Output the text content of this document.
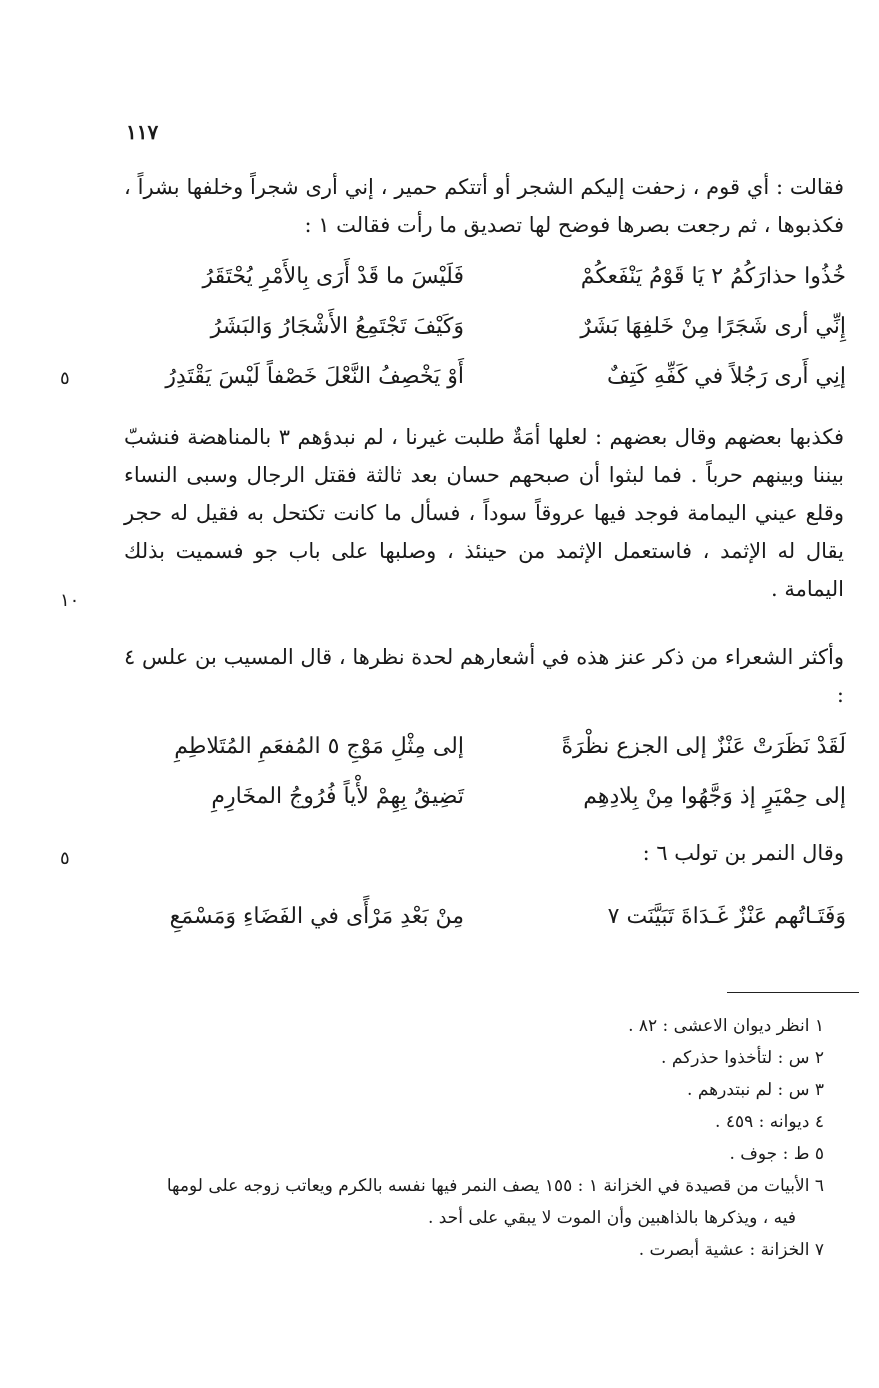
١١٧

فقالت : أي قوم ، زحفت إليكم الشجر أو أتتكم حمير ، إني أرى شجراً وخلفها بشراً ، فكذبوها ، ثم رجعت بصرها فوضح لها تصديق ما رأت فقالت ١ :

خُذُوا حذارَكُمُ ٢ يَا قَوْمُ يَنْفَعكُمْ
فَلَيْسَ ما قَدْ أَرَى بِالأَمْرِ يُحْتَقَرُ
إِنِّي أرى شَجَرًا مِنْ خَلفِهَا بَشَرٌ
وَكَيْفَ تَجْتَمِعُ الأَشْجَارُ وَالبَشَرُ
إنِي أَرى رَجُلاً في كَفِّهِ كَتِفٌ
أَوْ يَخْصِفُ النَّعْلَ خَصْفاً لَيْسَ يَقْتَدِرُ
٥

فكذبها بعضهم وقال بعضهم : لعلها أمَةٌ طلبت غيرنا ، لم نبدؤهم ٣ بالمناهضة فنشبّ بيننا وبينهم حرباً . فما لبثوا أن صبحهم حسان بعد ثالثة فقتل الرجال وسبى النساء وقلع عيني اليمامة فوجد فيها عروقاً سوداً ، فسأل ما كانت تكتحل به فقيل له حجر يقال له الإثمد ، فاستعمل الإثمد من حينئذ ، وصلبها على باب جو فسميت بذلك اليمامة .

١٠

وأكثر الشعراء من ذكر عنز هذه في أشعارهم لحدة نظرها ، قال المسيب بن علس ٤ :

لَقَدْ نَظَرَتْ عَنْزٌ إلى الجزع نظْرَةً
إلى مِثْلِ مَوْجِ ٥ المُفعَمِ المُتَلاطِمِ
إلى حِمْيَرٍ إذ وَجَّهُوا مِنْ بِلادِهِم
تَضِيقُ بِهِمْ لأْياً فُرُوجُ المخَارِمِ

وقال النمر بن تولب ٦ :

٥
وَفَتَـاتُهم عَنْزٌ غَـدَاةَ تَبَيَّنَت ٧
مِنْ بَعْدِ مَرْأًى في الفَضَاءِ وَمَسْمَعِ
١ انظر ديوان الاعشى : ٨٢ .
٢ س : لتأخذوا حذركم .
٣ س : لم نبتدرهم .
٤ ديوانه : ٤٥٩ .
٥ ط : جوف .
٦ الأبيات من قصيدة في الخزانة ١ : ١٥٥ يصف النمر فيها نفسه بالكرم ويعاتب زوجه على لومها
فيه ، ويذكرها بالذاهبين وأن الموت لا يبقي على أحد .
٧ الخزانة : عشية أبصرت .
